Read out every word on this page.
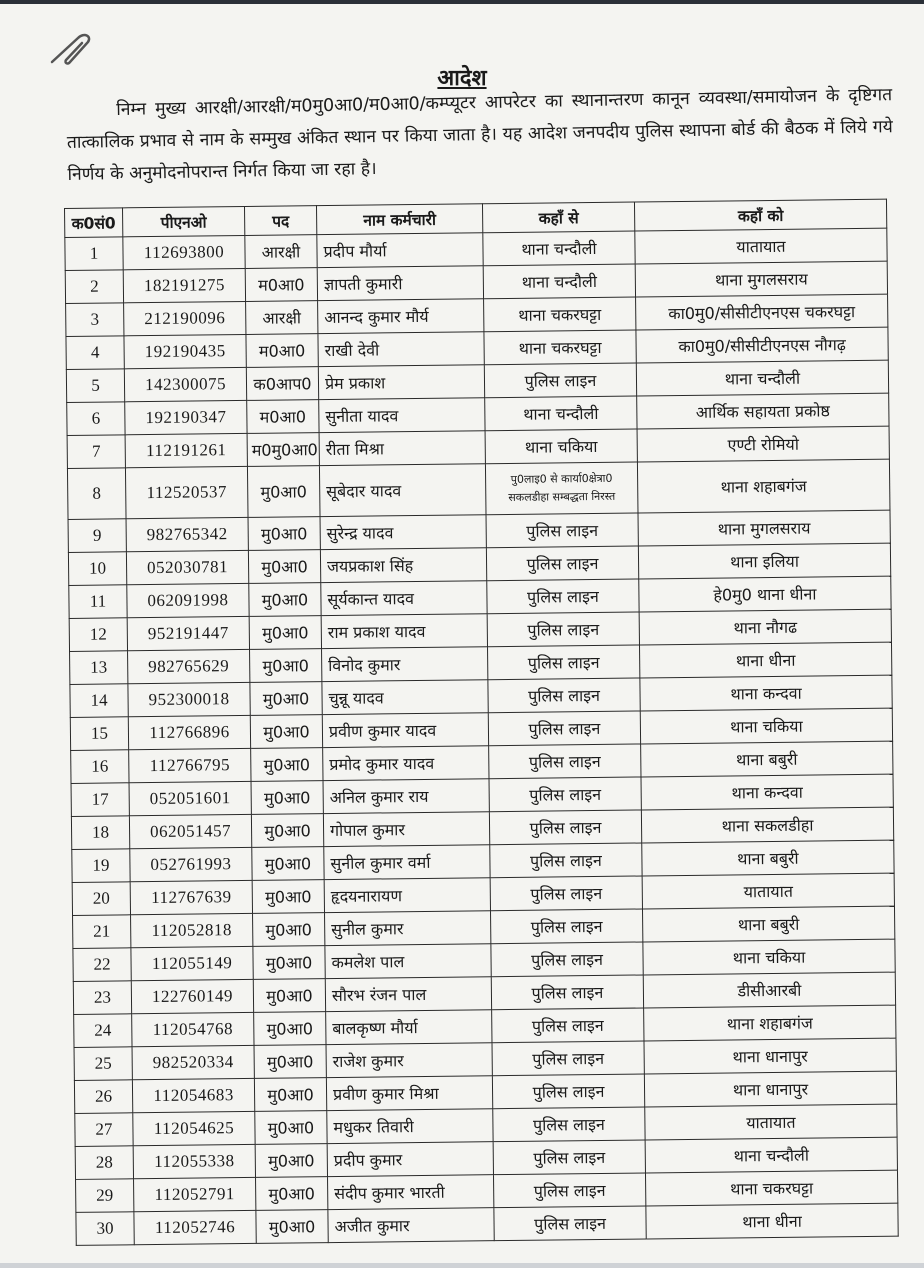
आदेश
निम्न मुख्य आरक्षी/आरक्षी/म0मु0आ0/म0आ0/कम्प्यूटर आपरेटर का स्थानान्तरण कानून व्यवस्था/समायोजन के दृष्टिगत तात्कालिक प्रभाव से नाम के सम्मुख अंकित स्थान पर किया जाता है। यह आदेश जनपदीय पुलिस स्थापना बोर्ड की बैठक में लिये गये निर्णय के अनुमोदनोपरान्त निर्गत किया जा रहा है।
क0सं0	पीएनओ	पद	नाम कर्मचारी	कहाँ से	कहाँ को
1	112693800	आरक्षी	प्रदीप मौर्या	थाना चन्दौली	यातायात
2	182191275	म0आ0	ज्ञापती कुमारी	थाना चन्दौली	थाना मुगलसराय
3	212190096	आरक्षी	आनन्द कुमार मौर्य	थाना चकरघट्टा	का0मु0/सीसीटीएनएस चकरघट्टा
4	192190435	म0आ0	राखी देवी	थाना चकरघट्टा	का0मु0/सीसीटीएनएस नौगढ़
5	142300075	क0आप0	प्रेम प्रकाश	पुलिस लाइन	थाना चन्दौली
6	192190347	म0आ0	सुनीता यादव	थाना चन्दौली	आर्थिक सहायता प्रकोष्ठ
7	112191261	म0मु0आ0	रीता मिश्रा	थाना चकिया	एण्टी रोमियो
8	112520537	मु0आ0	सूबेदार यादव	पु0लाइ0 से कार्या0क्षेत्रा0
सकलडीहा सम्बद्धता निरस्त	थाना शहाबगंज
9	982765342	मु0आ0	सुरेन्द्र यादव	पुलिस लाइन	थाना मुगलसराय
10	052030781	मु0आ0	जयप्रकाश सिंह	पुलिस लाइन	थाना इलिया
11	062091998	मु0आ0	सूर्यकान्त यादव	पुलिस लाइन	हे0मु0 थाना धीना
12	952191447	मु0आ0	राम प्रकाश यादव	पुलिस लाइन	थाना नौगढ
13	982765629	मु0आ0	विनोद कुमार	पुलिस लाइन	थाना धीना
14	952300018	मु0आ0	चुन्नू यादव	पुलिस लाइन	थाना कन्दवा
15	112766896	मु0आ0	प्रवीण कुमार यादव	पुलिस लाइन	थाना चकिया
16	112766795	मु0आ0	प्रमोद कुमार यादव	पुलिस लाइन	थाना बबुरी
17	052051601	मु0आ0	अनिल कुमार राय	पुलिस लाइन	थाना कन्दवा
18	062051457	मु0आ0	गोपाल कुमार	पुलिस लाइन	थाना सकलडीहा
19	052761993	मु0आ0	सुनील कुमार वर्मा	पुलिस लाइन	थाना बबुरी
20	112767639	मु0आ0	हृदयनारायण	पुलिस लाइन	यातायात
21	112052818	मु0आ0	सुनील कुमार	पुलिस लाइन	थाना बबुरी
22	112055149	मु0आ0	कमलेश पाल	पुलिस लाइन	थाना चकिया
23	122760149	मु0आ0	सौरभ रंजन पाल	पुलिस लाइन	डीसीआरबी
24	112054768	मु0आ0	बालकृष्ण मौर्या	पुलिस लाइन	थाना शहाबगंज
25	982520334	मु0आ0	राजेश कुमार	पुलिस लाइन	थाना धानापुर
26	112054683	मु0आ0	प्रवीण कुमार मिश्रा	पुलिस लाइन	थाना धानापुर
27	112054625	मु0आ0	मधुकर तिवारी	पुलिस लाइन	यातायात
28	112055338	मु0आ0	प्रदीप कुमार	पुलिस लाइन	थाना चन्दौली
29	112052791	मु0आ0	संदीप कुमार भारती	पुलिस लाइन	थाना चकरघट्टा
30	112052746	मु0आ0	अजीत कुमार	पुलिस लाइन	थाना धीना
